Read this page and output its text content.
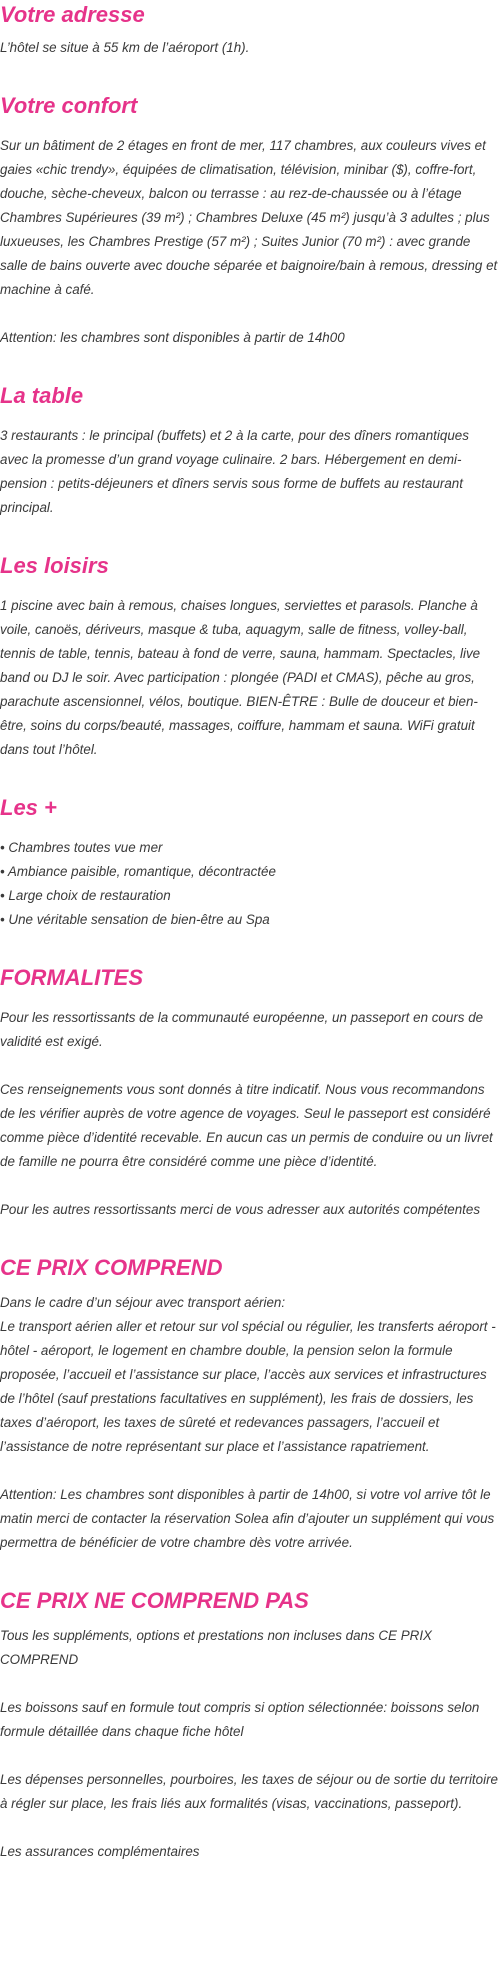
Votre adresse

L’hôtel se situe à 55 km de l’aéroport (1h).

Votre confort

Sur un bâtiment de 2 étages en front de mer, 117 chambres, aux couleurs vives et gaies «chic trendy», équipées de climatisation, télévision, minibar ($), coffre-fort, douche, sèche-cheveux, balcon ou terrasse : au rez-de-chaussée ou à l’étage Chambres Supérieures (39 m²) ; Chambres Deluxe (45 m²) jusqu’à 3 adultes ; plus luxueuses, les Chambres Prestige (57 m²) ; Suites Junior (70 m²) : avec grande salle de bains ouverte avec douche séparée et baignoire/bain à remous, dressing et machine à café.

Attention: les chambres sont disponibles à partir de 14h00

La table

3 restaurants : le principal (buffets) et 2 à la carte, pour des dîners romantiques avec la promesse d’un grand voyage culinaire. 2 bars. Hébergement en demi-pension : petits-déjeuners et dîners servis sous forme de buffets au restaurant principal.

Les loisirs

1 piscine avec bain à remous, chaises longues, serviettes et parasols. Planche à voile, canoës, dériveurs, masque & tuba, aquagym, salle de fitness, volley-ball, tennis de table, tennis, bateau à fond de verre, sauna, hammam. Spectacles, live band ou DJ le soir. Avec participation : plongée (PADI et CMAS), pêche au gros, parachute ascensionnel, vélos, boutique. BIEN-ÊTRE : Bulle de douceur et bien-être, soins du corps/beauté, massages, coiffure, hammam et sauna. WiFi gratuit dans tout l’hôtel.

Les +
• Chambres toutes vue mer
• Ambiance paisible, romantique, décontractée
• Large choix de restauration
• Une véritable sensation de bien-être au Spa
FORMALITES

Pour les ressortissants de la communauté européenne, un passeport en cours de validité est exigé.

Ces renseignements vous sont donnés à titre indicatif. Nous vous recommandons de les vérifier auprès de votre agence de voyages. Seul le passeport est considéré comme pièce d’identité recevable. En aucun cas un permis de conduire ou un livret de famille ne pourra être considéré comme une pièce d’identité.

Pour les autres ressortissants merci de vous adresser aux autorités compétentes

CE PRIX COMPREND

Dans le cadre d’un séjour avec transport aérien:

Le transport aérien aller et retour sur vol spécial ou régulier, les transferts aéroport - hôtel - aéroport, le logement en chambre double, la pension selon la formule proposée, l’accueil et l’assistance sur place, l’accès aux services et infrastructures de l’hôtel (sauf prestations facultatives en supplément), les frais de dossiers, les taxes d’aéroport, les taxes de sûreté et redevances passagers, l’accueil et l’assistance de notre représentant sur place et l’assistance rapatriement.

Attention: Les chambres sont disponibles à partir de 14h00, si votre vol arrive tôt le matin merci de contacter la réservation Solea afin d’ajouter un supplément qui vous permettra de bénéficier de votre chambre dès votre arrivée.

CE PRIX NE COMPREND PAS

Tous les suppléments, options et prestations non incluses dans CE PRIX COMPREND

Les boissons sauf en formule tout compris si option sélectionnée: boissons selon formule détaillée dans chaque fiche hôtel

Les dépenses personnelles, pourboires, les taxes de séjour ou de sortie du territoire à régler sur place, les frais liés aux formalités (visas, vaccinations, passeport).

Les assurances complémentaires
